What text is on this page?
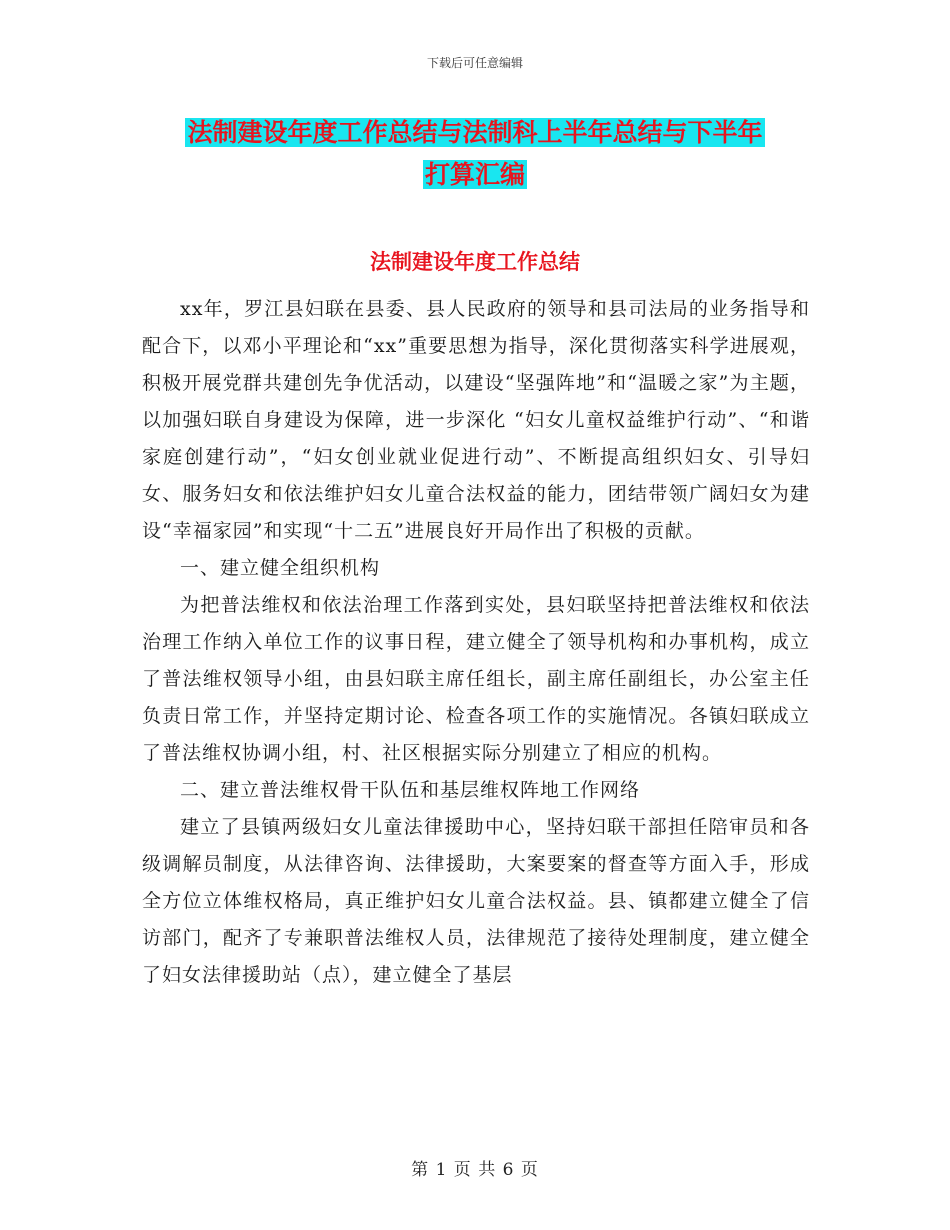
下载后可任意编辑
法制建设年度工作总结与法制科上半年总结与下半年
打算汇编
法制建设年度工作总结

xx年，罗江县妇联在县委、县人民政府的领导和县司法局的业务指导和配合下，以邓小平理论和“xx”重要思想为指导，深化贯彻落实科学进展观，积极开展党群共建创先争优活动，以建设“坚强阵地”和“温暖之家”为主题，以加强妇联自身建设为保障，进一步深化 “妇女儿童权益维护行动”、“和谐家庭创建行动”，“妇女创业就业促进行动”、不断提高组织妇女、引导妇女、服务妇女和依法维护妇女儿童合法权益的能力，团结带领广阔妇女为建设“幸福家园”和实现“十二五”进展良好开局作出了积极的贡献。

一、建立健全组织机构

为把普法维权和依法治理工作落到实处，县妇联坚持把普法维权和依法治理工作纳入单位工作的议事日程，建立健全了领导机构和办事机构，成立了普法维权领导小组，由县妇联主席任组长，副主席任副组长，办公室主任负责日常工作，并坚持定期讨论、检查各项工作的实施情况。各镇妇联成立了普法维权协调小组，村、社区根据实际分别建立了相应的机构。

二、建立普法维权骨干队伍和基层维权阵地工作网络

建立了县镇两级妇女儿童法律援助中心，坚持妇联干部担任陪审员和各级调解员制度，从法律咨询、法律援助，大案要案的督查等方面入手，形成全方位立体维权格局，真正维护妇女儿童合法权益。县、镇都建立健全了信访部门，配齐了专兼职普法维权人员，法律规范了接待处理制度，建立健全了妇女法律援助站（点），建立健全了基层

第 1 页 共 6 页
